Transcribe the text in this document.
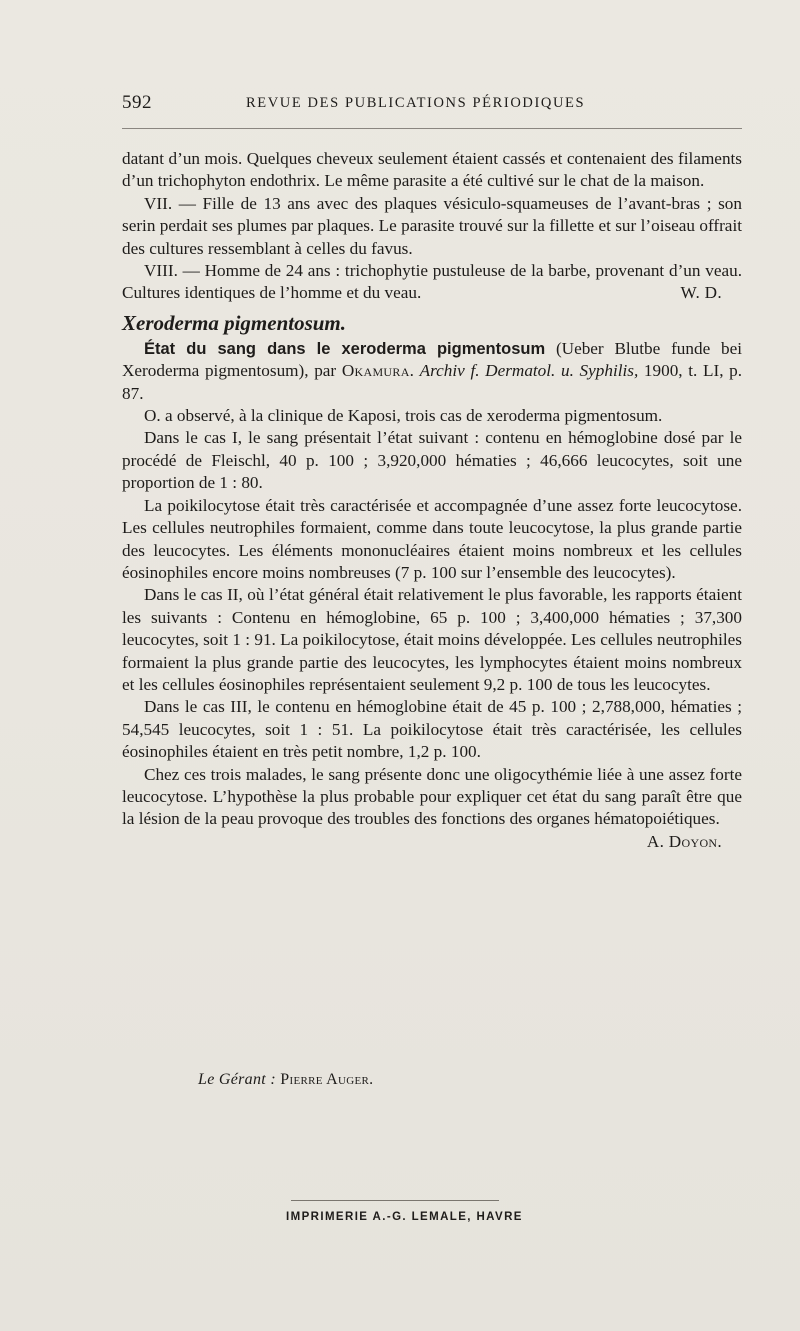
592	REVUE DES PUBLICATIONS PÉRIODIQUES

datant d’un mois. Quelques cheveux seulement étaient cassés et contenaient des filaments d’un trichophyton endothrix. Le même parasite a été cultivé sur le chat de la maison.

VII. — Fille de 13 ans avec des plaques vésiculo-squameuses de l’avant-bras ; son serin perdait ses plumes par plaques. Le parasite trouvé sur la fillette et sur l’oiseau offrait des cultures ressemblant à celles du favus.

VIII. — Homme de 24 ans : trichophytie pustuleuse de la barbe, provenant d’un veau. Cultures identiques de l’homme et du veau.	W. D.

Xeroderma pigmentosum.

État du sang dans le xeroderma pigmentosum (Ueber Blutbe funde bei Xeroderma pigmentosum), par Okamura. Archiv f. Dermatol. u. Syphilis, 1900, t. LI, p. 87.

O. a observé, à la clinique de Kaposi, trois cas de xeroderma pigmentosum.

Dans le cas I, le sang présentait l’état suivant : contenu en hémoglobine dosé par le procédé de Fleischl, 40 p. 100 ; 3,920,000 hématies ; 46,666 leucocytes, soit une proportion de 1 : 80.

La poikilocytose était très caractérisée et accompagnée d’une assez forte leucocytose. Les cellules neutrophiles formaient, comme dans toute leucocytose, la plus grande partie des leucocytes. Les éléments mononucléaires étaient moins nombreux et les cellules éosinophiles encore moins nombreuses (7 p. 100 sur l’ensemble des leucocytes).

Dans le cas II, où l’état général était relativement le plus favorable, les rapports étaient les suivants : Contenu en hémoglobine, 65 p. 100 ; 3,400,000 hématies ; 37,300 leucocytes, soit 1 : 91. La poikilocytose, était moins développée. Les cellules neutrophiles formaient la plus grande partie des leucocytes, les lymphocytes étaient moins nombreux et les cellules éosinophiles représentaient seulement 9,2 p. 100 de tous les leucocytes.

Dans le cas III, le contenu en hémoglobine était de 45 p. 100 ; 2,788,000, hématies ; 54,545 leucocytes, soit 1 : 51. La poikilocytose était très caractérisée, les cellules éosinophiles étaient en très petit nombre, 1,2 p. 100.

Chez ces trois malades, le sang présente donc une oligocythémie liée à une assez forte leucocytose. L’hypothèse la plus probable pour expliquer cet état du sang paraît être que la lésion de la peau provoque des troubles des fonctions des organes hématopoiétiques.
A. Doyon.

Le Gérant : Pierre Auger.
IMPRIMERIE A.-G. LEMALE, HAVRE
